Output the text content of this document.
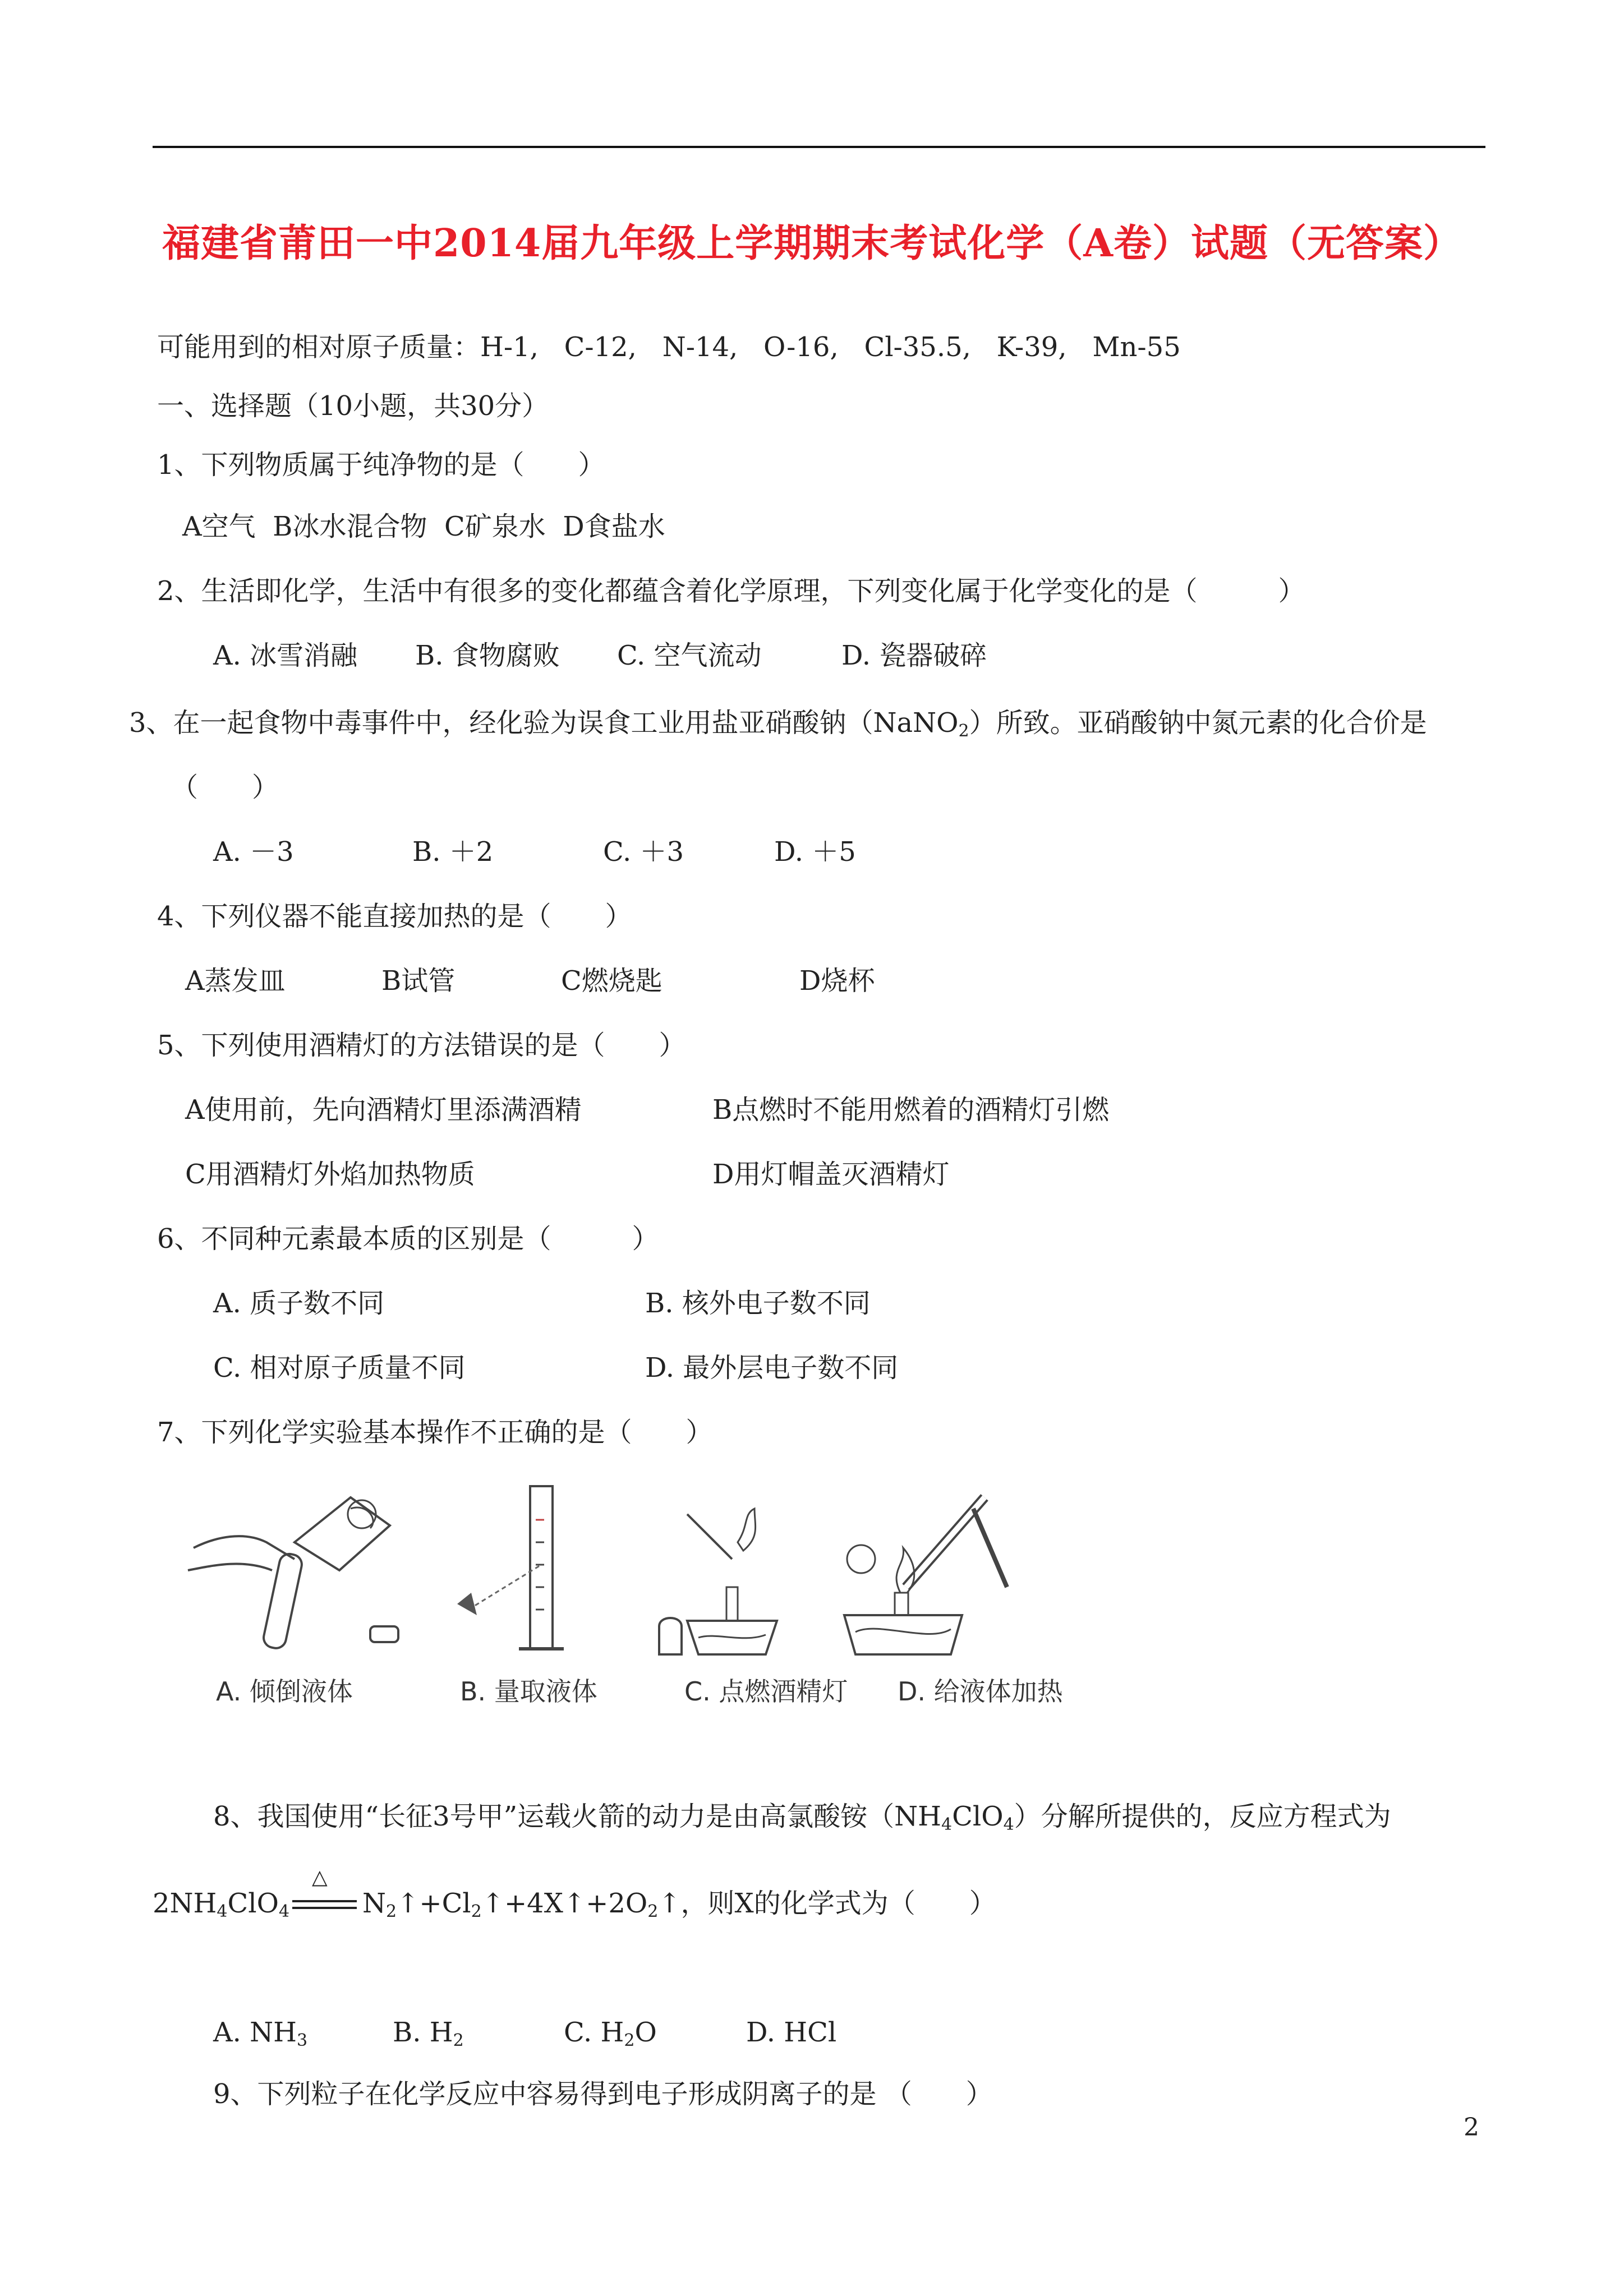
福建省莆田一中2014届九年级上学期期末考试化学（A卷）试题（无答案）
可能用到的相对原子质量：H-1,   C-12,   N-14,   O-16,   Cl-35.5,   K-39,   Mn-55
一、选择题（10小题，共30分）
1、下列物质属于纯净物的是（　　）
A空气  B冰水混合物  C矿泉水  D食盐水
2、生活即化学，生活中有很多的变化都蕴含着化学原理，下列变化属于化学变化的是（　　　）
A. 冰雪消融 B. 食物腐败 C. 空气流动	D. 瓷器破碎
3、在一起食物中毒事件中，经化验为误食工业用盐亚硝酸钠（NaNO$_2$）所致。亚硝酸钠中氮元素的化合价是
（　　）
A. －3	B. ＋2	C. ＋3	D. ＋5
4、下列仪器不能直接加热的是（　　）
A蒸发皿	B试管	C燃烧匙	D烧杯
5、下列使用酒精灯的方法错误的是（　　）
A使用前，先向酒精灯里添满酒精	B点燃时不能用燃着的酒精灯引燃
C用酒精灯外焰加热物质	D用灯帽盖灭酒精灯
6、不同种元素最本质的区别是（　　　）
A. 质子数不同	B. 核外电子数不同
C. 相对原子质量不同	D. 最外层电子数不同
7、下列化学实验基本操作不正确的是（　　）
A. 倾倒液体	B. 量取液体	C. 点燃酒精灯 D. 给液体加热
8、我国使用“长征3号甲”运载火箭的动力是由高氯酸铵$(NH_4ClO_4)$分解所提供的，反应方程式为
$2NH_4ClO_4$
△
$N_2↑+Cl_2↑+4X↑+2O_2↑$，则X的化学式为（　　）
A. $NH_3$	B. $H_2$	C. $H_2O$	D. HCl
9、下列粒子在化学反应中容易得到电子形成阴离子的是 （　　）
2
